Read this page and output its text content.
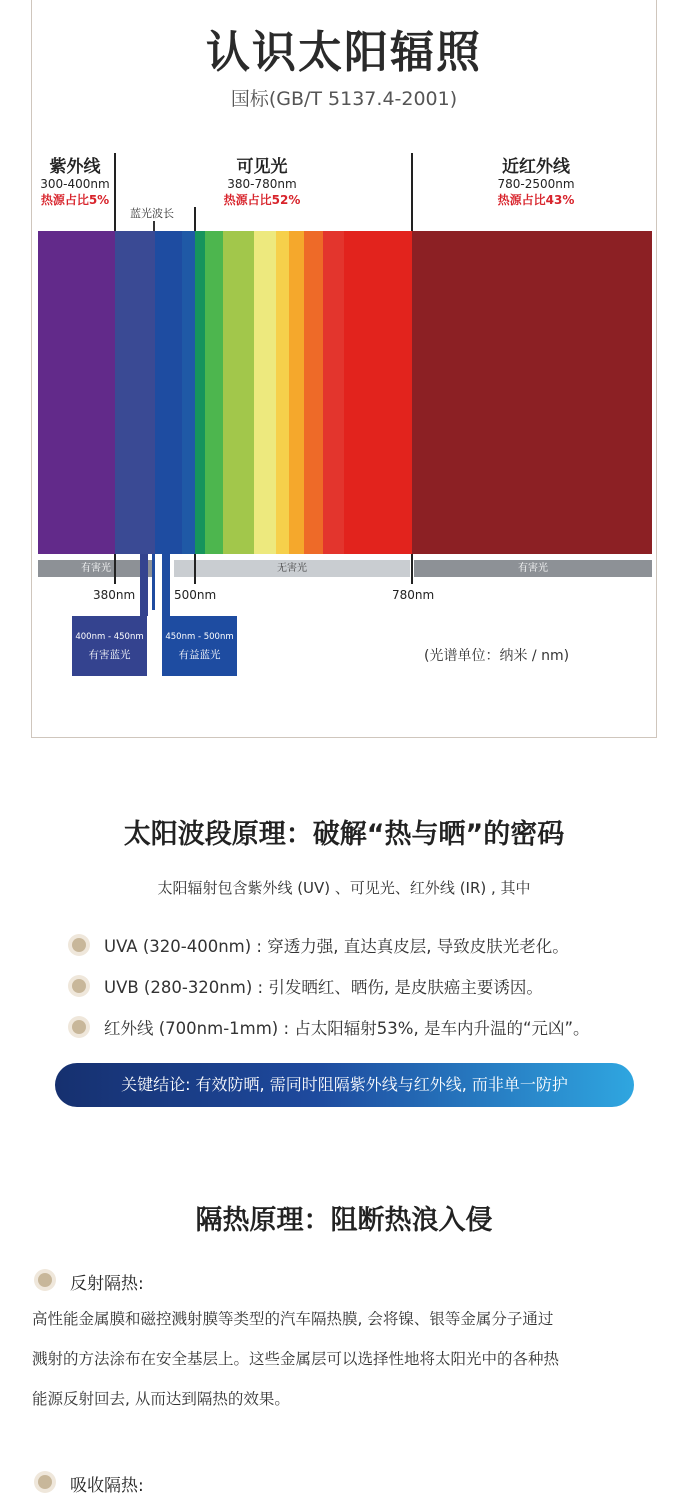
认识太阳辐照
国标(GB/T 5137.4-2001)
紫外线
300-400nm
热源占比5%
可见光
380-780nm
热源占比52%
近红外线
780-2500nm
热源占比43%
蓝光波长
有害光	无害光	有害光
380nm	500nm	780nm
400nm - 450nm
有害蓝光
450nm - 500nm
有益蓝光	(光谱单位：纳米 / nm)
太阳波段原理：破解“热与晒”的密码
太阳辐射包含紫外线 (UV) 、可见光、红外线 (IR) , 其中
UVA (320-400nm) : 穿透力强, 直达真皮层, 导致皮肤光老化。
UVB (280-320nm) : 引发晒红、晒伤, 是皮肤癌主要诱因。
红外线 (700nm-1mm) : 占太阳辐射53%, 是车内升温的“元凶”。
关键结论: 有效防晒, 需同时阻隔紫外线与红外线, 而非单一防护
隔热原理：阻断热浪入侵
反射隔热:
高性能金属膜和磁控溅射膜等类型的汽车隔热膜, 会将镍、银等金属分子通过
溅射的方法涂布在安全基层上。这些金属层可以选择性地将太阳光中的各种热
能源反射回去, 从而达到隔热的效果。
吸收隔热:
